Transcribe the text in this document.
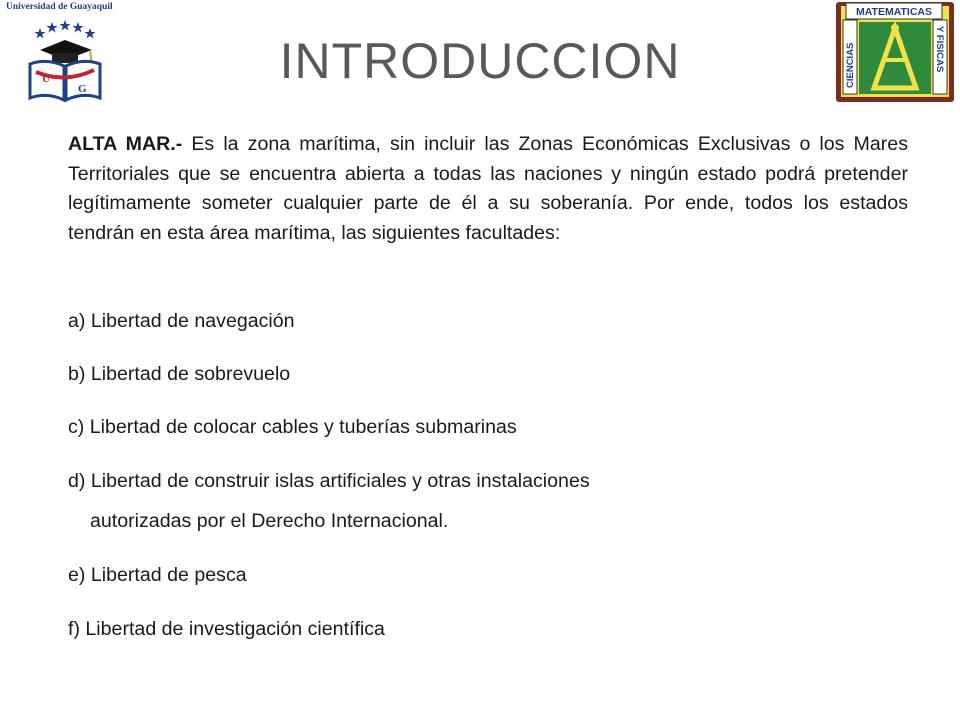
Universidad de Guayaquil
U
G
MATEMATICAS
CIENCIAS	Y FISICAS
INTRODUCCION
ALTA MAR.- Es la zona marítima, sin incluir las Zonas Económicas Exclusivas o los Mares Territoriales que se encuentra abierta a todas las naciones y ningún estado podrá pretender legítimamente someter cualquier parte de él a su soberanía. Por ende, todos los estados tendrán en esta área marítima, las siguientes facultades:
a) Libertad de navegación
b) Libertad de sobrevuelo
c) Libertad de colocar cables y tuberías submarinas
d) Libertad de construir islas artificiales y otras instalaciones
autorizadas por el Derecho Internacional.
e) Libertad de pesca
f) Libertad de investigación científica
